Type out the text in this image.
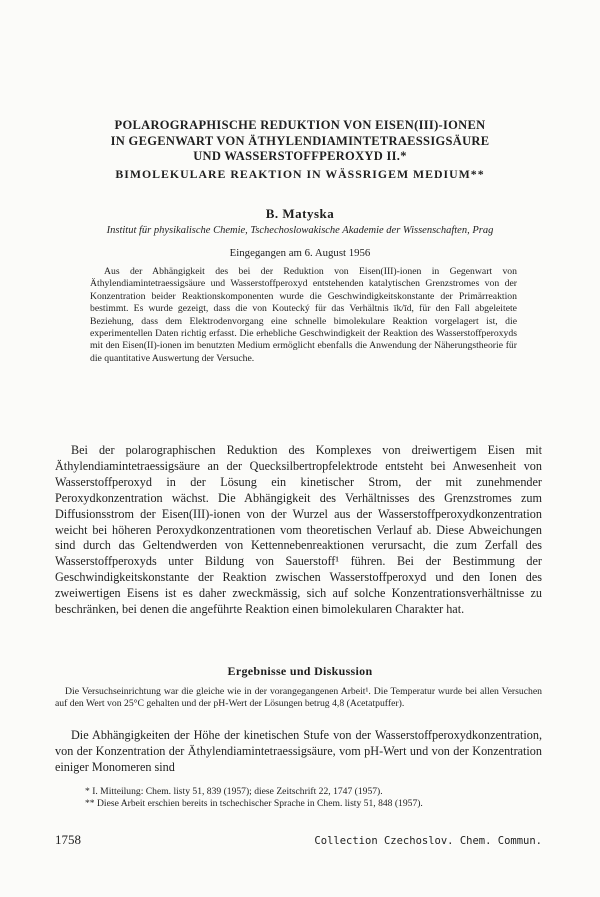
POLAROGRAPHISCHE REDUKTION VON EISEN(III)-IONEN
IN GEGENWART VON ÄTHYLENDIAMINTETRAESSIGSÄURE
UND WASSERSTOFFPEROXYD II.*
BIMOLEKULARE REAKTION IN WÄSSRIGEM MEDIUM**
B. Matyska
Institut für physikalische Chemie, Tschechoslowakische Akademie der Wissenschaften, Prag
Eingegangen am 6. August 1956

Aus der Abhängigkeit des bei der Reduktion von Eisen(III)-ionen in Gegenwart von Äthylendiamintetraessigsäure und Wasserstoffperoxyd entstehenden katalytischen Grenzstromes von der Konzentration beider Reaktionskomponenten wurde die Geschwindigkeitskonstante der Primärreaktion bestimmt. Es wurde gezeigt, dass die von Koutecký für das Verhältnis īk/īd, für den Fall abgeleitete Beziehung, dass dem Elektrodenvorgang eine schnelle bimolekulare Reaktion vorgelagert ist, die experimentellen Daten richtig erfasst. Die erhebliche Geschwindigkeit der Reaktion des Wasserstoffperoxyds mit den Eisen(II)-ionen im benutzten Medium ermöglicht ebenfalls die Anwendung der Näherungstheorie für die quantitative Auswertung der Versuche.

Bei der polarographischen Reduktion des Komplexes von dreiwertigem Eisen mit Äthylendiamintetraessigsäure an der Quecksilbertropfelektrode entsteht bei Anwesenheit von Wasserstoffperoxyd in der Lösung ein kinetischer Strom, der mit zunehmender Peroxydkonzentration wächst. Die Abhängigkeit des Verhältnisses des Grenzstromes zum Diffusionsstrom der Eisen(III)-ionen von der Wurzel aus der Wasserstoffperoxydkonzentration weicht bei höheren Peroxydkonzentrationen vom theoretischen Verlauf ab. Diese Abweichungen sind durch das Geltendwerden von Kettennebenreaktionen verursacht, die zum Zerfall des Wasserstoffperoxyds unter Bildung von Sauerstoff¹ führen. Bei der Bestimmung der Geschwindigkeitskonstante der Reaktion zwischen Wasserstoffperoxyd und den Ionen des zweiwertigen Eisens ist es daher zweckmässig, sich auf solche Konzentrationsverhältnisse zu beschränken, bei denen die angeführte Reaktion einen bimolekularen Charakter hat.

Ergebnisse und Diskussion

Die Versuchseinrichtung war die gleiche wie in der vorangegangenen Arbeit¹. Die Temperatur wurde bei allen Versuchen auf den Wert von 25°C gehalten und der pH-Wert der Lösungen betrug 4,8 (Acetatpuffer).

Die Abhängigkeiten der Höhe der kinetischen Stufe von der Wasserstoffperoxydkonzentration, von der Konzentration der Äthylendiamintetraessigsäure, vom pH-Wert und von der Konzentration einiger Monomeren sind

* I. Mitteilung: Chem. listy 51, 839 (1957); diese Zeitschrift 22, 1747 (1957).
** Diese Arbeit erschien bereits in tschechischer Sprache in Chem. listy 51, 848 (1957).
1758	Collection Czechoslov. Chem. Commun.
